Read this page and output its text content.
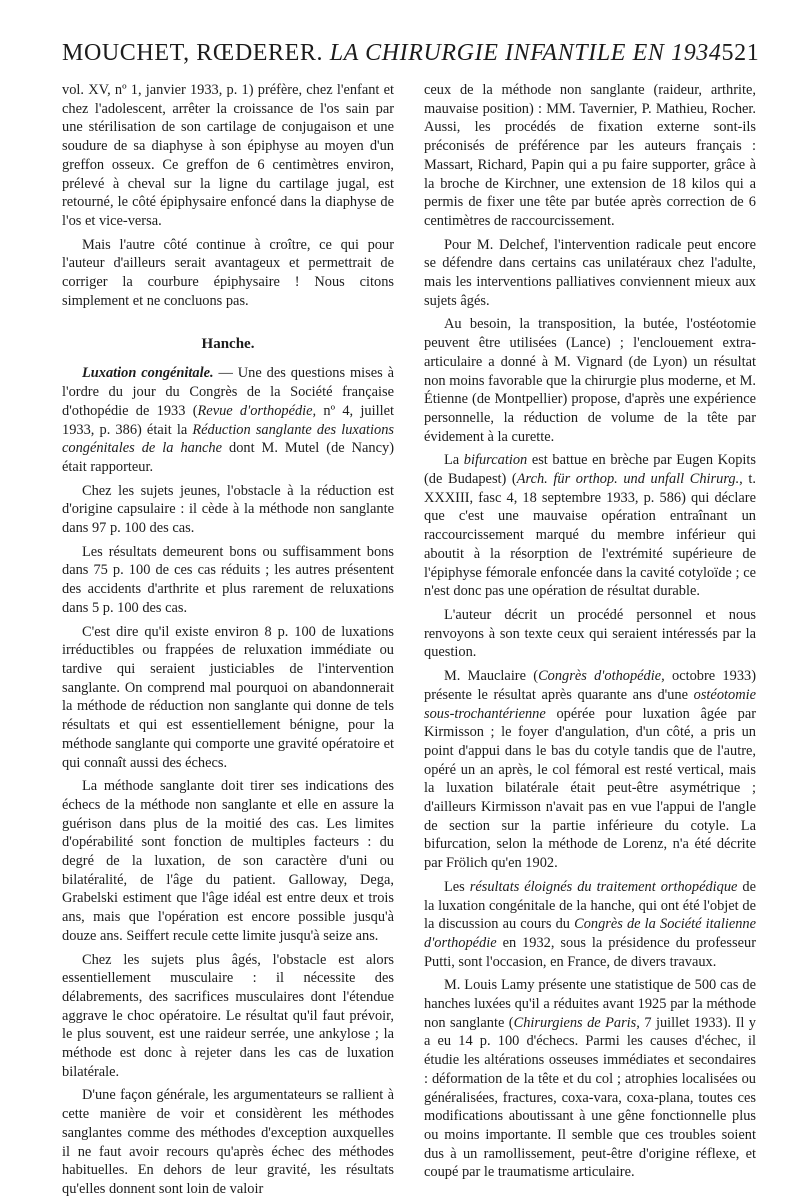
MOUCHET, RŒDERER. LA CHIRURGIE INFANTILE EN 1934 521

vol. XV, nº 1, janvier 1933, p. 1) préfère, chez l'enfant et chez l'adolescent, arrêter la croissance de l'os sain par une stérilisation de son cartilage de conjugaison et une soudure de sa diaphyse à son épiphyse au moyen d'un greffon osseux. Ce greffon de 6 centimètres environ, prélevé à cheval sur la ligne du cartilage jugal, est retourné, le côté épiphysaire enfoncé dans la diaphyse de l'os et vice-versa.

Mais l'autre côté continue à croître, ce qui pour l'auteur d'ailleurs serait avantageux et permettrait de corriger la courbure épiphysaire ! Nous citons simplement et ne concluons pas.

Hanche.

Luxation congénitale. — Une des questions mises à l'ordre du jour du Congrès de la Société française d'othopédie de 1933 (Revue d'orthopédie, nº 4, juillet 1933, p. 386) était la Réduction sanglante des luxations congénitales de la hanche dont M. Mutel (de Nancy) était rapporteur.

Chez les sujets jeunes, l'obstacle à la réduction est d'origine capsulaire : il cède à la méthode non sanglante dans 97 p. 100 des cas.

Les résultats demeurent bons ou suffisamment bons dans 75 p. 100 de ces cas réduits ; les autres présentent des accidents d'arthrite et plus rarement de reluxations dans 5 p. 100 des cas.

C'est dire qu'il existe environ 8 p. 100 de luxations irréductibles ou frappées de reluxation immédiate ou tardive qui seraient justiciables de l'intervention sanglante. On comprend mal pourquoi on abandonnerait la méthode de réduction non sanglante qui donne de tels résultats et qui est essentiellement bénigne, pour la méthode sanglante qui comporte une gravité opératoire et qui connaît aussi des échecs.

La méthode sanglante doit tirer ses indications des échecs de la méthode non sanglante et elle en assure la guérison dans plus de la moitié des cas. Les limites d'opérabilité sont fonction de multiples facteurs : du degré de la luxation, de son caractère d'uni ou bilatéralité, de l'âge du patient. Galloway, Dega, Grabelski estiment que l'âge idéal est entre deux et trois ans, mais que l'opération est encore possible jusqu'à douze ans. Seiffert recule cette limite jusqu'à seize ans.

Chez les sujets plus âgés, l'obstacle est alors essentiellement musculaire : il nécessite des délabrements, des sacrifices musculaires dont l'étendue aggrave le choc opératoire. Le résultat qu'il faut prévoir, le plus souvent, est une raideur serrée, une ankylose ; la méthode est donc à rejeter dans les cas de luxation bilatérale.

D'une façon générale, les argumentateurs se rallient à cette manière de voir et considèrent les méthodes sanglantes comme des méthodes d'exception auxquelles il ne faut avoir recours qu'après échec des méthodes habituelles. En dehors de leur gravité, les résultats qu'elles donnent sont loin de valoir

ceux de la méthode non sanglante (raideur, arthrite, mauvaise position) : MM. Tavernier, P. Mathieu, Rocher. Aussi, les procédés de fixation externe sont-ils préconisés de préférence par les auteurs français : Massart, Richard, Papin qui a pu faire supporter, grâce à la broche de Kirchner, une extension de 18 kilos qui a permis de fixer une tête par butée après correction de 6 centimètres de raccourcissement.

Pour M. Delchef, l'intervention radicale peut encore se défendre dans certains cas unilatéraux chez l'adulte, mais les interventions palliatives conviennent mieux aux sujets âgés.

Au besoin, la transposition, la butée, l'ostéotomie peuvent être utilisées (Lance) ; l'enclouement extra-articulaire a donné à M. Vignard (de Lyon) un résultat non moins favorable que la chirurgie plus moderne, et M. Étienne (de Montpellier) propose, d'après une expérience personnelle, la réduction de volume de la tête par évidement à la curette.

La bifurcation est battue en brèche par Eugen Kopits (de Budapest) (Arch. für orthop. und unfall Chirurg., t. XXXIII, fasc 4, 18 septembre 1933, p. 586) qui déclare que c'est une mauvaise opération entraînant un raccourcissement marqué du membre inférieur qui aboutit à la résorption de l'extrémité supérieure de l'épiphyse fémorale enfoncée dans la cavité cotyloïde ; ce n'est donc pas une opération de résultat durable.

L'auteur décrit un procédé personnel et nous renvoyons à son texte ceux qui seraient intéressés par la question.

M. Mauclaire (Congrès d'othopédie, octobre 1933) présente le résultat après quarante ans d'une ostéotomie sous-trochantérienne opérée pour luxation âgée par Kirmisson ; le foyer d'angulation, d'un côté, a pris un point d'appui dans le bas du cotyle tandis que de l'autre, opéré un an après, le col fémoral est resté vertical, mais la luxation bilatérale était peut-être asymétrique ; d'ailleurs Kirmisson n'avait pas en vue l'appui de l'angle de section sur la partie inférieure du cotyle. La bifurcation, selon la méthode de Lorenz, n'a été décrite par Frölich qu'en 1902.

Les résultats éloignés du traitement orthopédique de la luxation congénitale de la hanche, qui ont été l'objet de la discussion au cours du Congrès de la Société italienne d'orthopédie en 1932, sous la présidence du professeur Putti, sont l'occasion, en France, de divers travaux.

M. Louis Lamy présente une statistique de 500 cas de hanches luxées qu'il a réduites avant 1925 par la méthode non sanglante (Chirurgiens de Paris, 7 juillet 1933). Il y a eu 14 p. 100 d'échecs. Parmi les causes d'échec, il étudie les altérations osseuses immédiates et secondaires : déformation de la tête et du col ; atrophies localisées ou généralisées, fractures, coxa-vara, coxa-plana, toutes ces modifications aboutissant à une gêne fonctionnelle plus ou moins importante. Il semble que ces troubles soient dus à un ramollissement, peut-être d'origine réflexe, et coupé par le traumatisme articulaire.
